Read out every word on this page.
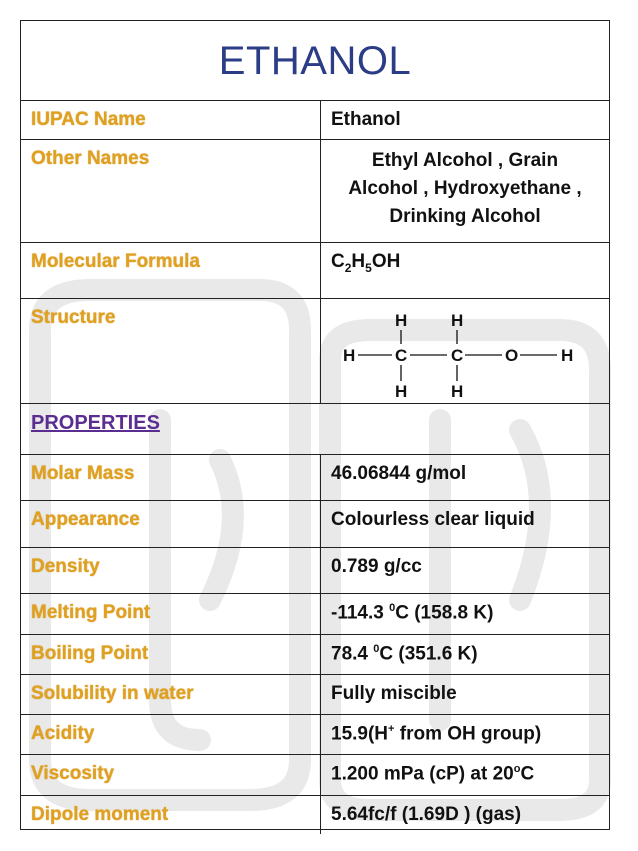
ETHANOL
IUPAC Name	Ethanol
Other Names	Ethyl Alcohol , Grain
Alcohol , Hydroxyethane ,
Drinking Alcohol
Molecular Formula	$C_2H_5OH$
Structure	H	H
H C	C O	H
H	H
PROPERTIES
Molar Mass	46.06844 g/mol
Appearance	Colourless clear liquid
Density	0.789 g/cc
Melting Point	-114.3 $^0$C (158.8 K)
Boiling Point	78.4 $^0$C (351.6 K)
Solubility in water	Fully miscible
Acidity	15.9(H+ from OH group)
Viscosity	1.200 mPa (cP) at 20$^o$C
Dipole moment	5.64fc/f (1.69D ) (gas)
